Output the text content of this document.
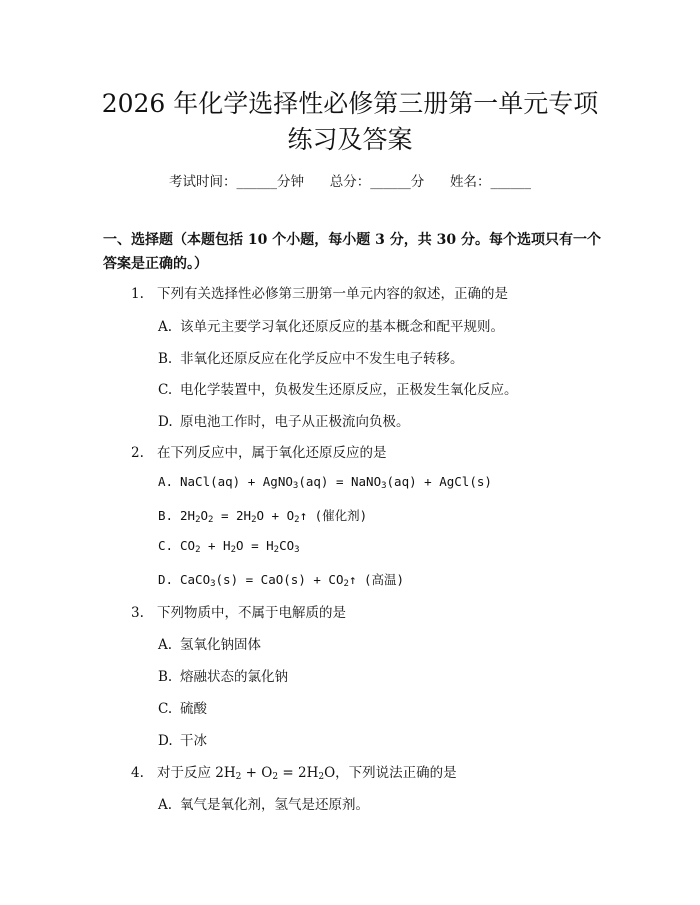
2026 年化学选择性必修第三册第一单元专项
练习及答案
考试时间：______分钟 总分：______分 姓名：______
一、选择题（本题包括 10 个小题，每小题 3 分，共 30 分。每个选项只有一个答案是正确的。）
1. 下列有关选择性必修第三册第一单元内容的叙述，正确的是
A. 该单元主要学习氧化还原反应的基本概念和配平规则。
B. 非氧化还原反应在化学反应中不发生电子转移。
C. 电化学装置中，负极发生还原反应，正极发生氧化反应。
D. 原电池工作时，电子从正极流向负极。
2. 在下列反应中，属于氧化还原反应的是
A. NaCl(aq) + AgNO$_3$(aq) = NaNO$_3$(aq) + AgCl(s)
B. $2H_2O_2 = 2H_2O$ + $O_2↑$ (催化剂)
C. $CO_2 + H_2O = H_2CO_3$
D. CaCO$_3$(s) = $CaO(s) + CO_2↑$ (高温)
3. 下列物质中，不属于电解质的是
A. 氢氧化钠固体
B. 熔融状态的氯化钠
C. 硫酸
D. 干冰
4. 对于反应 $2H_2 + O_2 = 2H_2O$，下列说法正确的是
A. 氧气是氧化剂，氢气是还原剂。
